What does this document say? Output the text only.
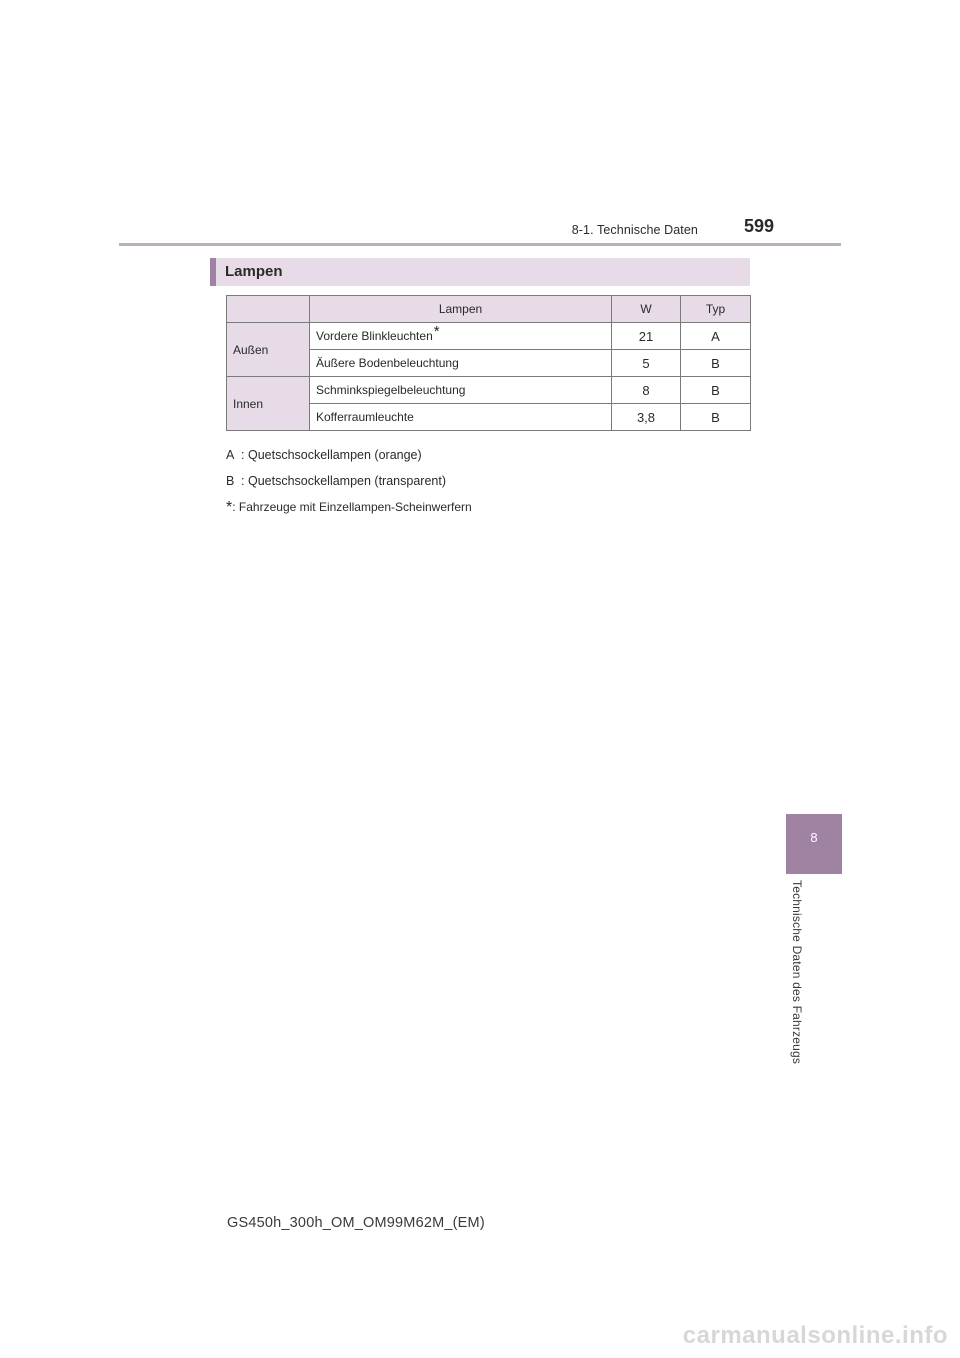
8-1. Technische Daten	599
8
Technische Daten des Fahrzeugs
Lampen
	Lampen	W	Typ
Außen	Vordere Blinkleuchten*	21	A
	Äußere Bodenbeleuchtung	5	B
Innen	Schminkspiegelbeleuchtung	8	B
	Kofferraumleuchte	3,8	B
A : Quetschsockellampen (orange)
B : Quetschsockellampen (transparent)
*: Fahrzeuge mit Einzellampen-Scheinwerfern
GS450h_300h_OM_OM99M62M_(EM)
carmanualsonline.info
